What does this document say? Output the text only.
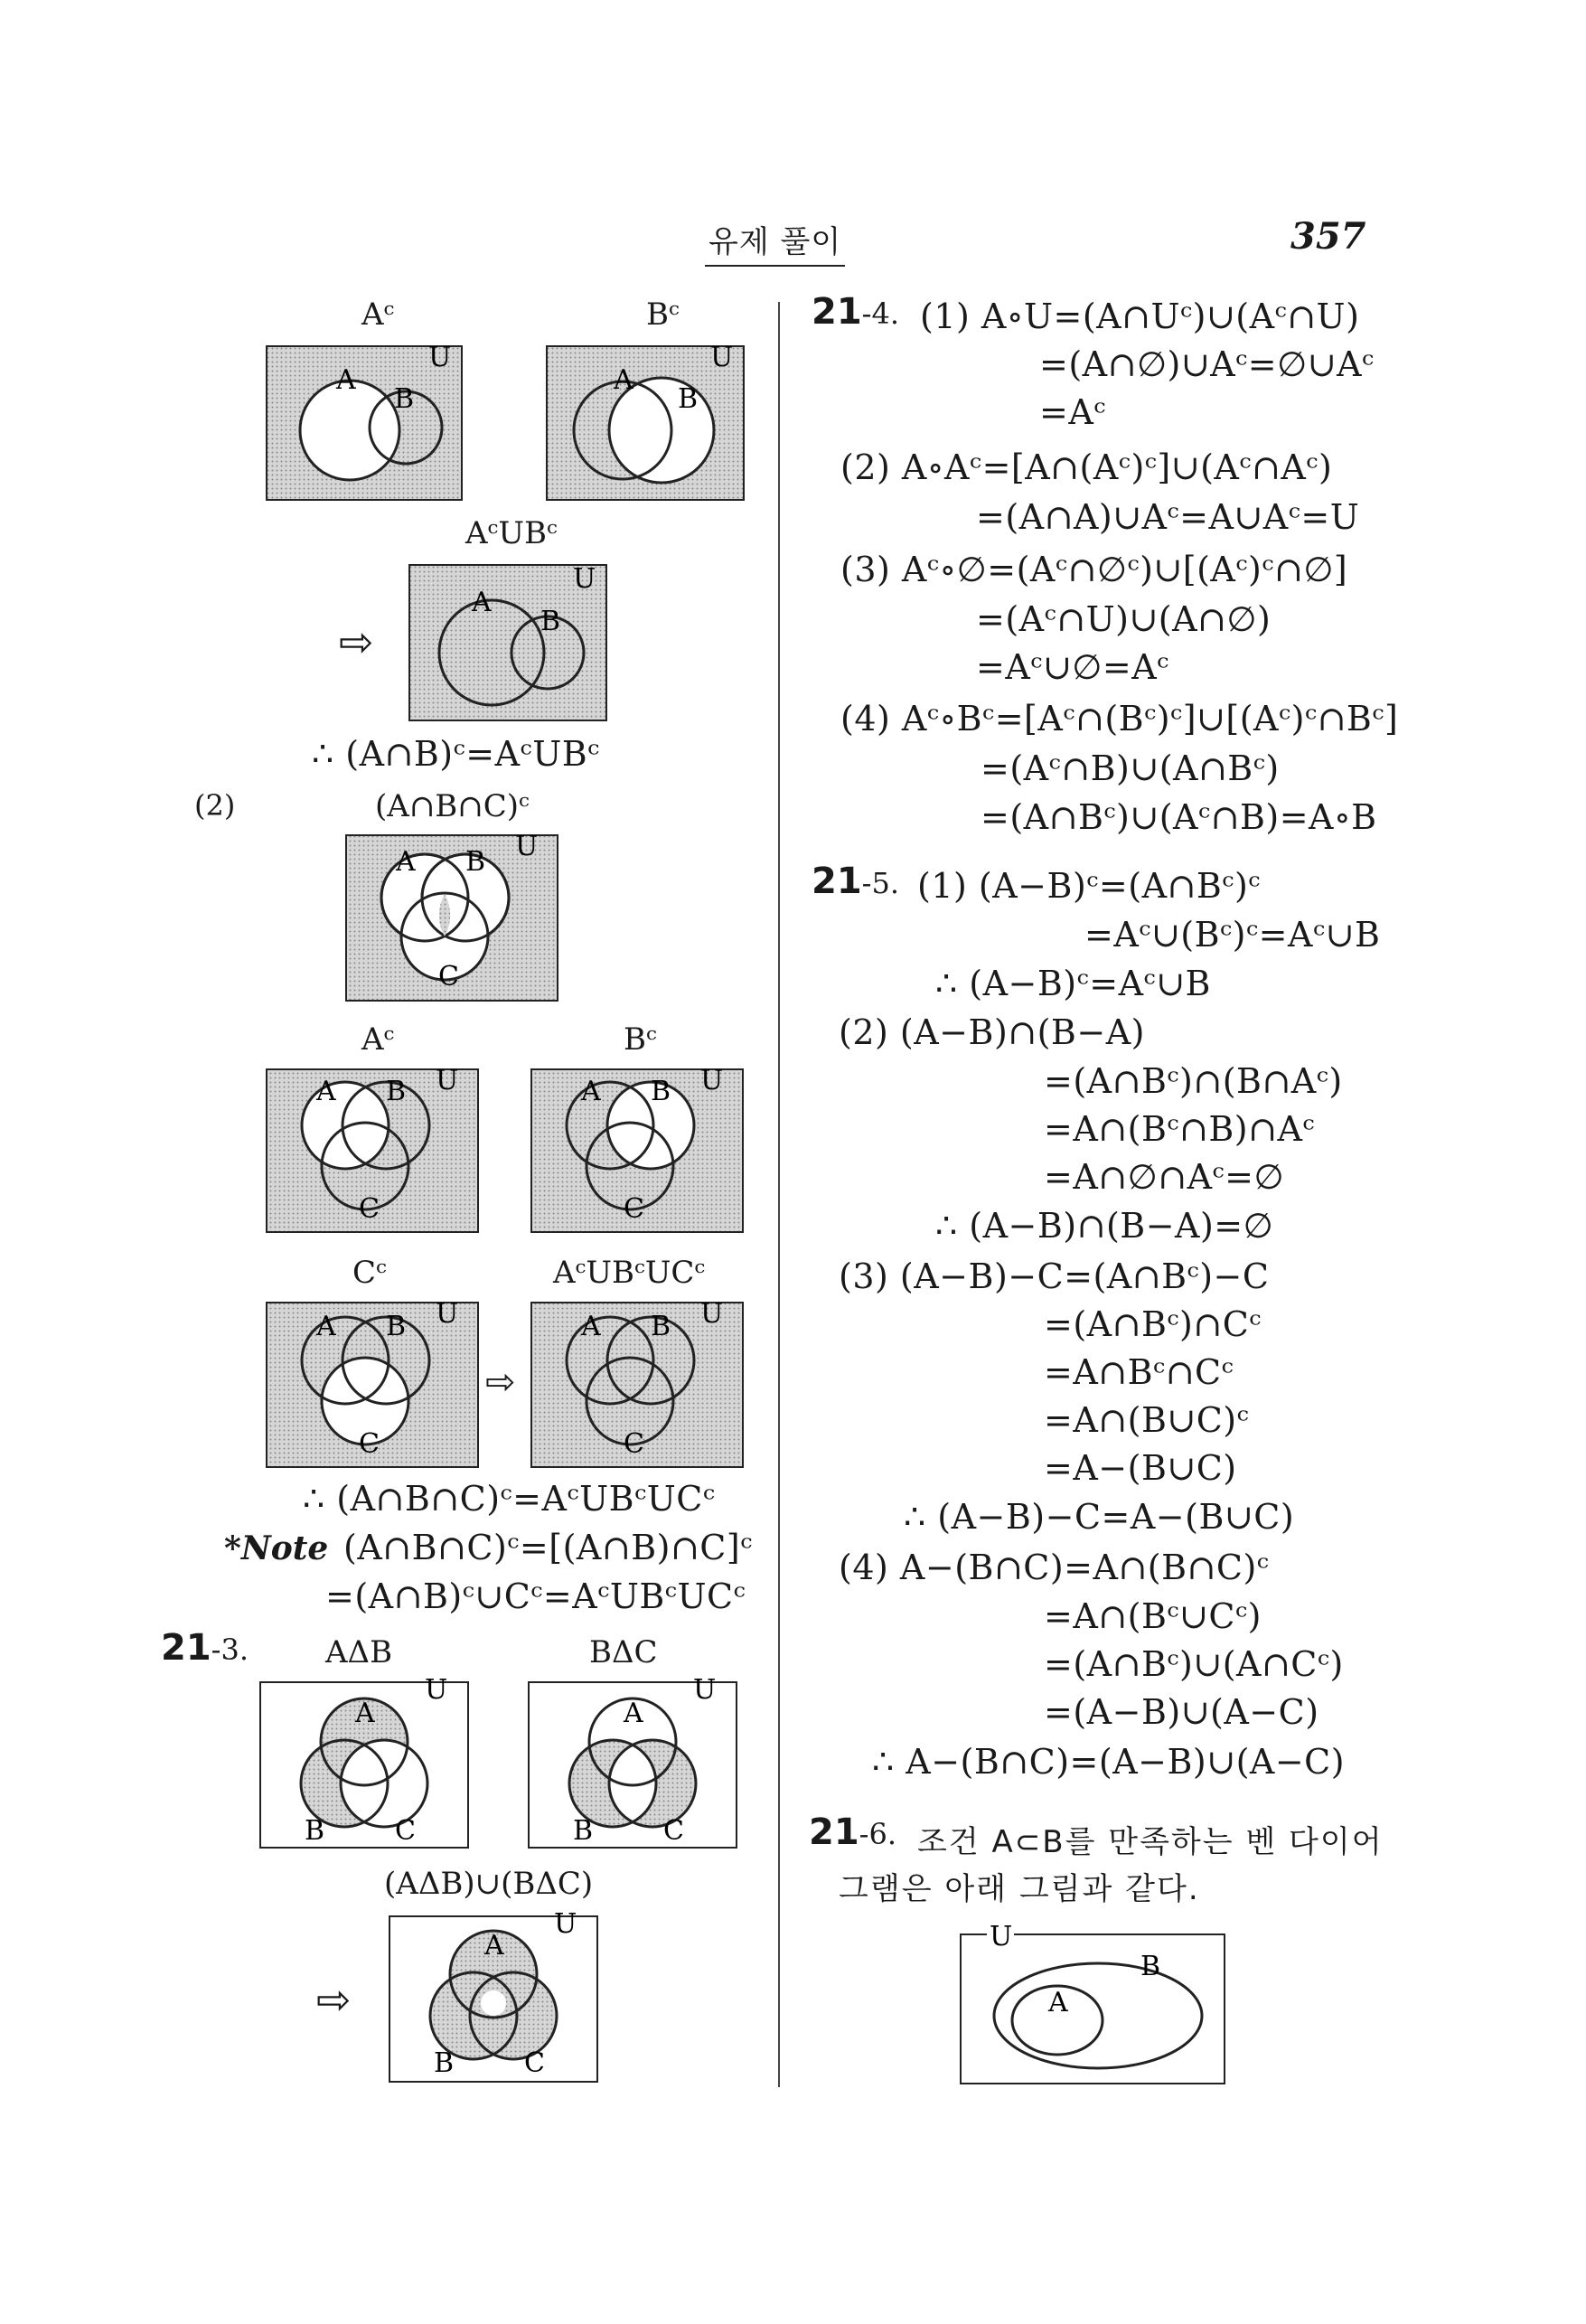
유제 풀이	357
Aᶜ	Bᶜ
A
B
U
A
B
U
AᶜUBᶜ
⇨
A
B
U
∴ (A∩B)ᶜ=AᶜUBᶜ
(2)	(A∩B∩C)ᶜ
A B
C
U
Aᶜ	Bᶜ
A B
C
U	A B
C
U
Cᶜ	AᶜUBᶜUCᶜ
A B
C
U
⇨
A B
C
U
∴ (A∩B∩C)ᶜ=AᶜUBᶜUCᶜ
*Note (A∩B∩C)ᶜ=[(A∩B)∩C]ᶜ
=(A∩B)ᶜ∪Cᶜ=AᶜUBᶜUCᶜ
21-3. AΔB	BΔC
A
B	C
U
A
B	C
U
(AΔB)∪(BΔC)
⇨
A
B	C
U
21-4. (1) A∘U=(A∩Uᶜ)∪(Aᶜ∩U)
=(A∩∅)∪Aᶜ=∅∪Aᶜ
=Aᶜ
(2) A∘Aᶜ=[A∩(Aᶜ)ᶜ]∪(Aᶜ∩Aᶜ)
=(A∩A)∪Aᶜ=A∪Aᶜ=U
(3) Aᶜ∘∅=(Aᶜ∩∅ᶜ)∪[(Aᶜ)ᶜ∩∅]
=(Aᶜ∩U)∪(A∩∅)
=Aᶜ∪∅=Aᶜ
(4) Aᶜ∘Bᶜ=[Aᶜ∩(Bᶜ)ᶜ]∪[(Aᶜ)ᶜ∩Bᶜ]
=(Aᶜ∩B)∪(A∩Bᶜ)
=(A∩Bᶜ)∪(Aᶜ∩B)=A∘B
21-5. (1) (A−B)ᶜ=(A∩Bᶜ)ᶜ
=Aᶜ∪(Bᶜ)ᶜ=Aᶜ∪B
∴ (A−B)ᶜ=Aᶜ∪B
(2) (A−B)∩(B−A)
=(A∩Bᶜ)∩(B∩Aᶜ)
=A∩(Bᶜ∩B)∩Aᶜ
=A∩∅∩Aᶜ=∅
∴ (A−B)∩(B−A)=∅
(3) (A−B)−C=(A∩Bᶜ)−C
=(A∩Bᶜ)∩Cᶜ
=A∩Bᶜ∩Cᶜ
=A∩(B∪C)ᶜ
=A−(B∪C)
∴ (A−B)−C=A−(B∪C)
(4) A−(B∩C)=A∩(B∩C)ᶜ
=A∩(Bᶜ∪Cᶜ)
=(A∩Bᶜ)∪(A∩Cᶜ)
=(A−B)∪(A−C)
∴ A−(B∩C)=(A−B)∪(A−C)
21-6. 조건 A⊂B를 만족하는 벤 다이어
그램은 아래 그림과 같다.
U
A
B
